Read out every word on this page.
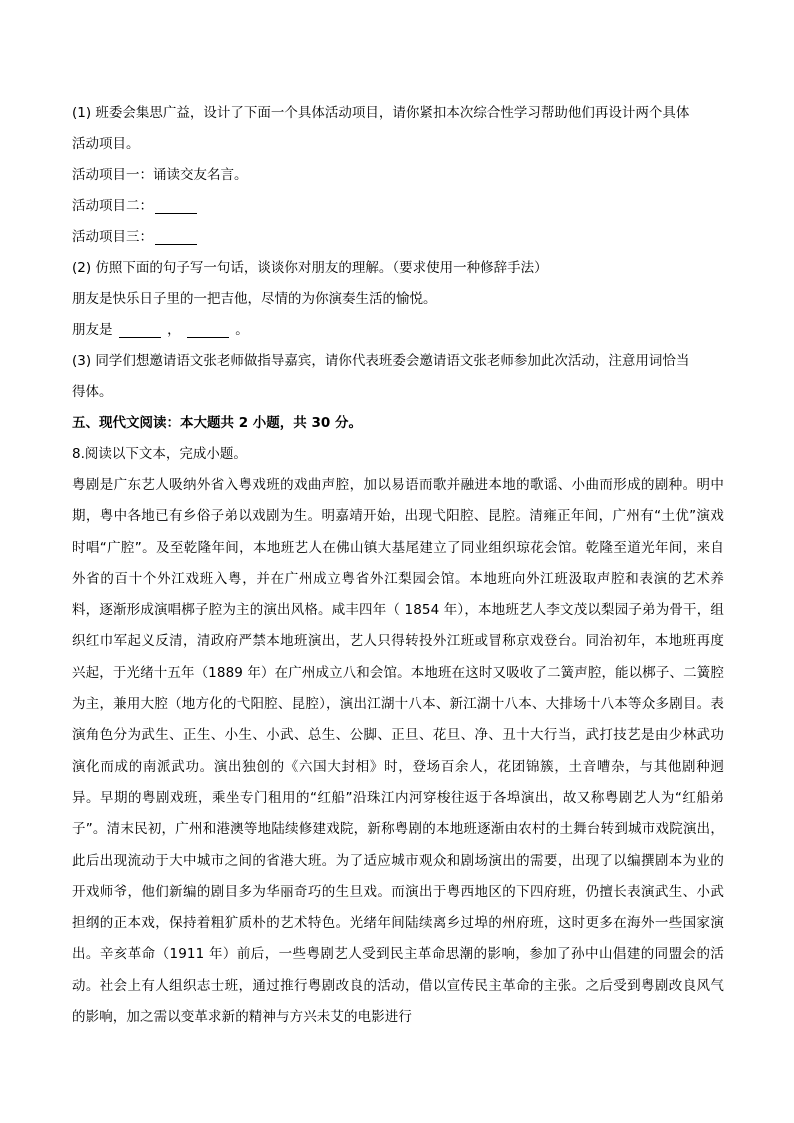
(1) 班委会集思广益，设计了下面一个具体活动项目，请你紧扣本次综合性学习帮助他们再设计两个具体
活动项目。
活动项目一：诵读交友名言。
活动项目二：
活动项目三：
(2) 仿照下面的句子写一句话，谈谈你对朋友的理解。（要求使用一种修辞手法）
朋友是快乐日子里的一把吉他，尽情的为你演奏生活的愉悦。
朋友是	，	。
(3) 同学们想邀请语文张老师做指导嘉宾，请你代表班委会邀请语文张老师参加此次活动，注意用词恰当
得体。
五、现代文阅读：本大题共 2 小题，共 30 分。
8.阅读以下文本，完成小题。
粤剧是广东艺人吸纳外省入粤戏班的戏曲声腔，加以易语而歌并融进本地的歌谣、小曲而形成的剧种。明中期，粤中各地已有乡俗子弟以戏剧为生。明嘉靖开始，出现弋阳腔、昆腔。清雍正年间，广州有“土优”演戏时唱“广腔”。及至乾隆年间，本地班艺人在佛山镇大基尾建立了同业组织琼花会馆。乾隆至道光年间，来自外省的百十个外江戏班入粤，并在广州成立粤省外江梨园会馆。本地班向外江班汲取声腔和表演的艺术养料，逐渐形成演唱梆子腔为主的演出风格。咸丰四年（ 1854 年），本地班艺人李文茂以梨园子弟为骨干，组织红巾军起义反清，清政府严禁本地班演出，艺人只得转投外江班或冒称京戏登台。同治初年，本地班再度兴起，于光绪十五年（1889 年）在广州成立八和会馆。本地班在这时又吸收了二簧声腔，能以梆子、二簧腔为主，兼用大腔（地方化的弋阳腔、昆腔），演出江湖十八本、新江湖十八本、大排场十八本等众多剧目。表演角色分为武生、正生、小生、小武、总生、公脚、正旦、花旦、净、丑十大行当，武打技艺是由少林武功演化而成的南派武功。演出独创的《六国大封相》时，登场百余人，花团锦簇，土音嘈杂，与其他剧种迥异。早期的粤剧戏班，乘坐专门租用的“红船”沿珠江内河穿梭往返于各埠演出，故又称粤剧艺人为“红船弟子”。清末民初，广州和港澳等地陆续修建戏院，新称粤剧的本地班逐渐由农村的土舞台转到城市戏院演出，此后出现流动于大中城市之间的省港大班。为了适应城市观众和剧场演出的需要，出现了以编撰剧本为业的开戏师爷，他们新编的剧目多为华丽奇巧的生旦戏。而演出于粤西地区的下四府班，仍擅长表演武生、小武担纲的正本戏，保持着粗犷质朴的艺术特色。光绪年间陆续离乡过埠的州府班，这时更多在海外一些国家演出。辛亥革命（1911 年）前后，一些粤剧艺人受到民主革命思潮的影响，参加了孙中山倡建的同盟会的活动。社会上有人组织志士班，通过推行粤剧改良的活动，借以宣传民主革命的主张。之后受到粤剧改良风气的影响，加之需以变革求新的精神与方兴未艾的电影进行
